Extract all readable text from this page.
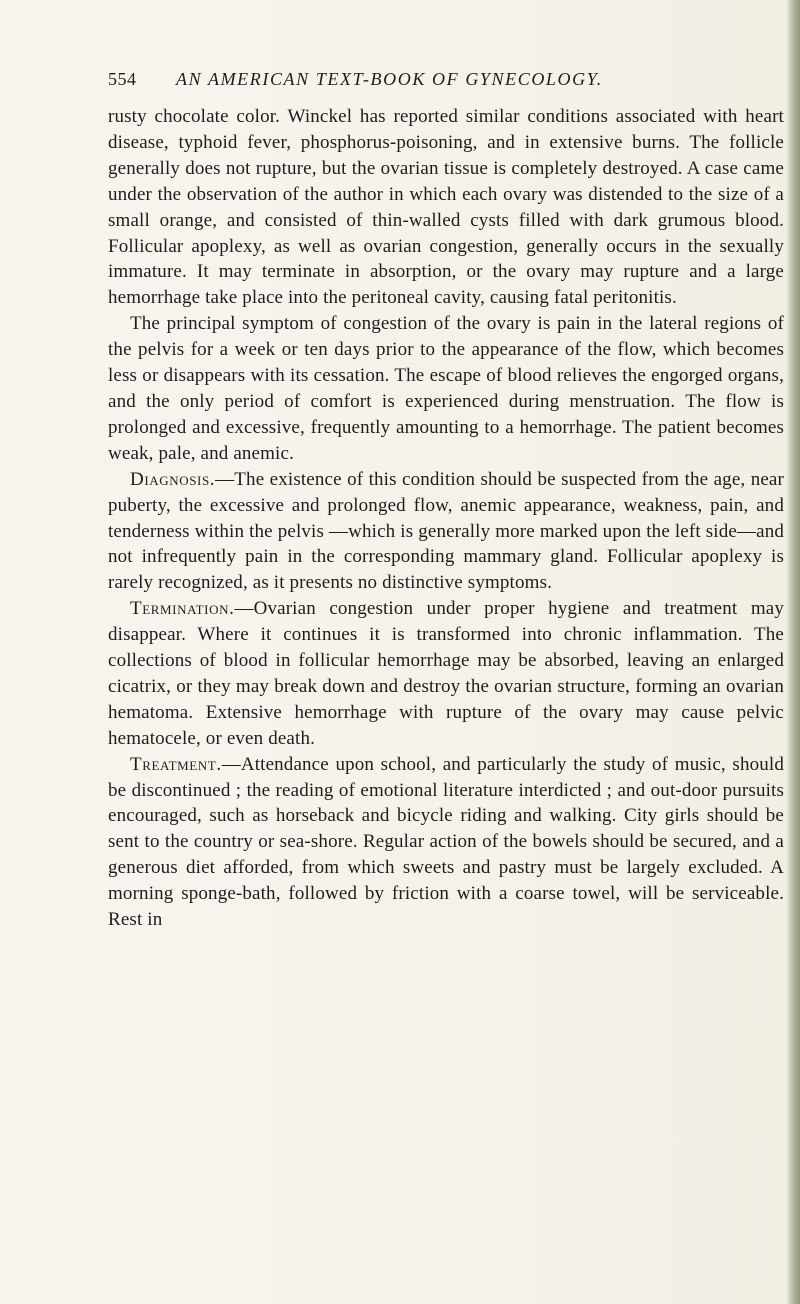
554 AN AMERICAN TEXT-BOOK OF GYNECOLOGY.

rusty chocolate color. Winckel has reported similar conditions associated with heart disease, typhoid fever, phosphorus-poisoning, and in extensive burns. The follicle generally does not rupture, but the ovarian tissue is completely destroyed. A case came under the observation of the author in which each ovary was distended to the size of a small orange, and consisted of thin-walled cysts filled with dark grumous blood. Follicular apoplexy, as well as ovarian congestion, generally occurs in the sexually immature. It may terminate in absorption, or the ovary may rupture and a large hemorrhage take place into the peritoneal cavity, causing fatal peritonitis.

The principal symptom of congestion of the ovary is pain in the lateral regions of the pelvis for a week or ten days prior to the appearance of the flow, which becomes less or disappears with its cessation. The escape of blood relieves the engorged organs, and the only period of comfort is experienced during menstruation. The flow is prolonged and excessive, frequently amounting to a hemorrhage. The patient becomes weak, pale, and anemic.

Diagnosis.—The existence of this condition should be suspected from the age, near puberty, the excessive and prolonged flow, anemic appearance, weakness, pain, and tenderness within the pelvis —which is generally more marked upon the left side—and not infrequently pain in the corresponding mammary gland. Follicular apoplexy is rarely recognized, as it presents no distinctive symptoms.

Termination.—Ovarian congestion under proper hygiene and treatment may disappear. Where it continues it is transformed into chronic inflammation. The collections of blood in follicular hemorrhage may be absorbed, leaving an enlarged cicatrix, or they may break down and destroy the ovarian structure, forming an ovarian hematoma. Extensive hemorrhage with rupture of the ovary may cause pelvic hematocele, or even death.

Treatment.—Attendance upon school, and particularly the study of music, should be discontinued ; the reading of emotional literature interdicted ; and out-door pursuits encouraged, such as horseback and bicycle riding and walking. City girls should be sent to the country or sea-shore. Regular action of the bowels should be secured, and a generous diet afforded, from which sweets and pastry must be largely excluded. A morning sponge-bath, followed by friction with a coarse towel, will be serviceable. Rest in
